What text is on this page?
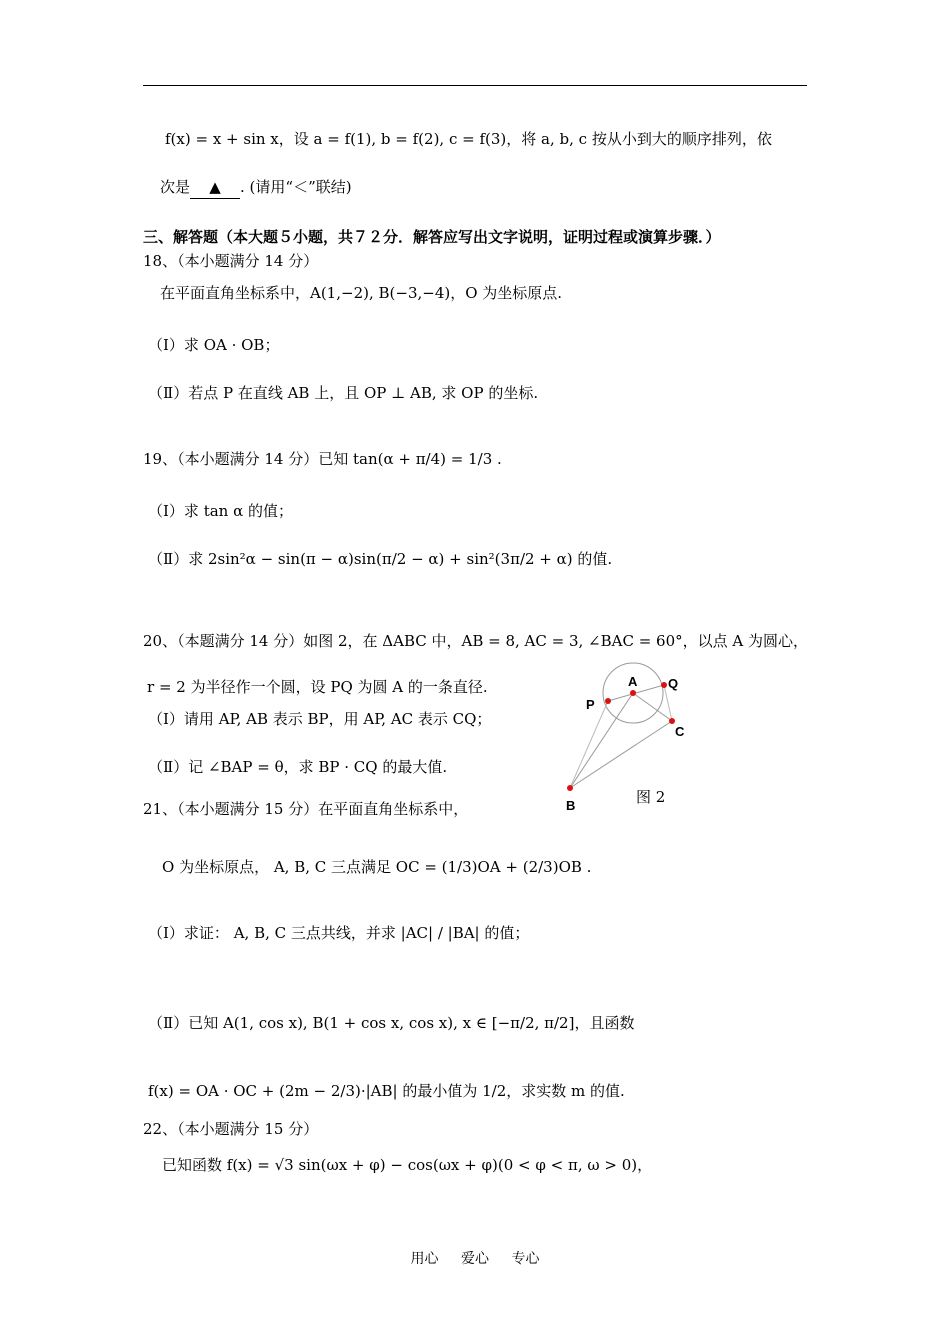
f(x) = x + sin x，设 a = f(1), b = f(2), c = f(3)，将 a, b, c 按从小到大的顺序排列，依
次是 ▲ . (请用“＜”联结)
三、解答题（本大题５小题，共７２分．解答应写出文字说明，证明过程或演算步骤．）
18、（本小题满分 14 分）
在平面直角坐标系中，A(1,−2), B(−3,−4)，O 为坐标原点.
（Ⅰ）求 OA · OB；
（Ⅱ）若点 P 在直线 AB 上，且 OP ⊥ AB, 求 OP 的坐标.
19、（本小题满分 14 分）已知 tan(α + π/4) = 1/3 .
（Ⅰ）求 tan α 的值；
（Ⅱ）求 2sin²α − sin(π − α)sin(π/2 − α) + sin²(3π/2 + α) 的值.
20、（本题满分 14 分）如图 2，在 ΔABC 中，AB = 8, AC = 3, ∠BAC = 60°，以点 A 为圆心，
r = 2 为半径作一个圆，设 PQ 为圆 A 的一条直径.
（Ⅰ）请用 AP, AB 表示 BP，用 AP, AC 表示 CQ；
（Ⅱ）记 ∠BAP = θ，求 BP · CQ 的最大值.
A
P
Q
C
B	图 2
21、（本小题满分 15 分）在平面直角坐标系中，
O 为坐标原点， A, B, C 三点满足 OC = (1/3)OA + (2/3)OB .
（Ⅰ）求证： A, B, C 三点共线，并求 |AC| / |BA| 的值；
（Ⅱ）已知 A(1, cos x), B(1 + cos x, cos x), x ∈ [−π/2, π/2]，且函数
f(x) = OA · OC + (2m − 2/3)·|AB| 的最小值为 1/2，求实数 m 的值.
22、（本小题满分 15 分）
已知函数 f(x) = √3 sin(ωx + φ) − cos(ωx + φ)(0 < φ < π, ω > 0)，
用心 爱心 专心
